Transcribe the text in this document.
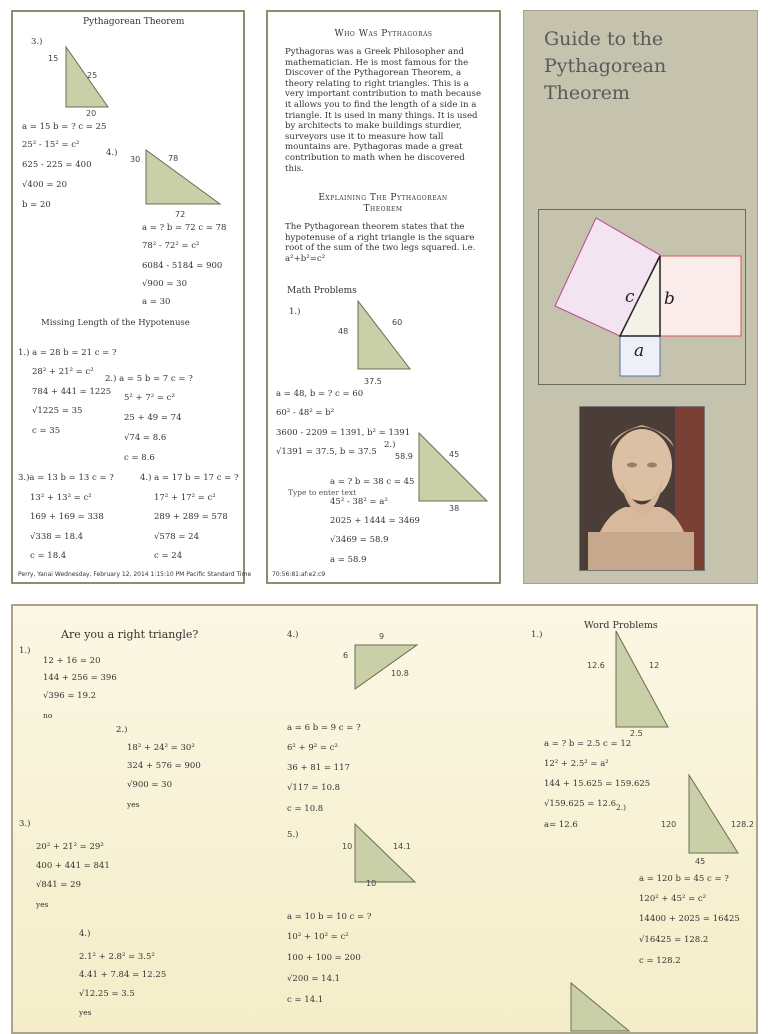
Pythagorean Theorem
3.)
15
25
20
a = 15 b = ? c = 25
25² - 15² = c²
625 - 225 = 400
√400 = 20
b = 20
4.)
30	78
72
a = ? b = 72 c = 78
78² - 72² = c²
6084 - 5184 = 900
√900 = 30
a = 30
Missing Length of the Hypotenuse
1.) a = 28 b = 21 c = ?
28² + 21² = c²
784 + 441 = 1225
√1225 = 35
c = 35
2.) a = 5 b = 7 c = ?
5² + 7² = c²
25 + 49 = 74
√74 = 8.6
c = 8.6
3.)a = 13 b = 13 c = ?
13² + 13² = c²
169 + 169 = 338
√338 = 18.4
c = 18.4
4.) a = 17 b = 17 c = ?
17² + 17² = c²
289 + 289 = 578
√578 = 24
c = 24
Perry, Yanai Wednesday, February 12, 2014 1:15:10 PM Pacific Standard Time
Who Was Pythagoras
Pythagoras was a Greek Philosopher and mathematician. He is most famous for the Discover of the Pythagorean Theorem, a theory relating to right triangles. This is a very important contribution to math because it allows you to find the length of a side in a triangle. It is used in many things. It is used by architects to make buildings sturdier, surveyors use it to measure how tall mountains are. Pythagoras made a great contribution to math when he discovered this.
Explaining The Pythagorean Theorem
The Pythagorean theorem states that the hypotenuse of a right triangle is the square root of the sum of the two legs squared. i.e. a²+b²=c²
Math Problems
1.)
48
60
37.5
a = 48, b = ? c = 60
60² - 48² = b²
3600 - 2209 = 1391, b² = 1391
√1391 = 37.5, b = 37.5
2.)
58.9	45
38
a = ? b = 38 c = 45
Type to enter text
45² - 38² = a²
2025 + 1444 = 3469
√3469 = 58.9
a = 58.9
70:56:81:af:e2:c9
Guide to the Pythagorean Theorem
c b
a
Are you a right triangle?
1.)
12 + 16 = 20
144 + 256 = 396
√396 = 19.2
no
2.)
18² + 24² = 30²
324 + 576 = 900
√900 = 30
yes
3.)
20² + 21² = 29²
400 + 441 = 841
√841 = 29
yes
4.)
2.1² + 2.8² = 3.5²
4.41 + 7.84 = 12.25
√12.25 = 3.5
yes
4.)
6
9
10.8
a = 6 b = 9 c = ?
6² + 9² = c²
36 + 81 = 117
√117 = 10.8
c = 10.8
5.)
10
10
14.1
a = 10 b = 10 c = ?
10² + 10² = c²
100 + 100 = 200
√200 = 14.1
c = 14.1
Word Problems
1.)
12.6	12
2.5
a = ? b = 2.5 c = 12
12² + 2.5² = a²
144 + 15.625 = 159.625
√159.625 = 12.6
a= 12.6
2.)
120	128.2
45
a = 120 b = 45 c = ?
120² + 45² = c²
14400 + 2025 = 16425
√16425 = 128.2
c = 128.2
